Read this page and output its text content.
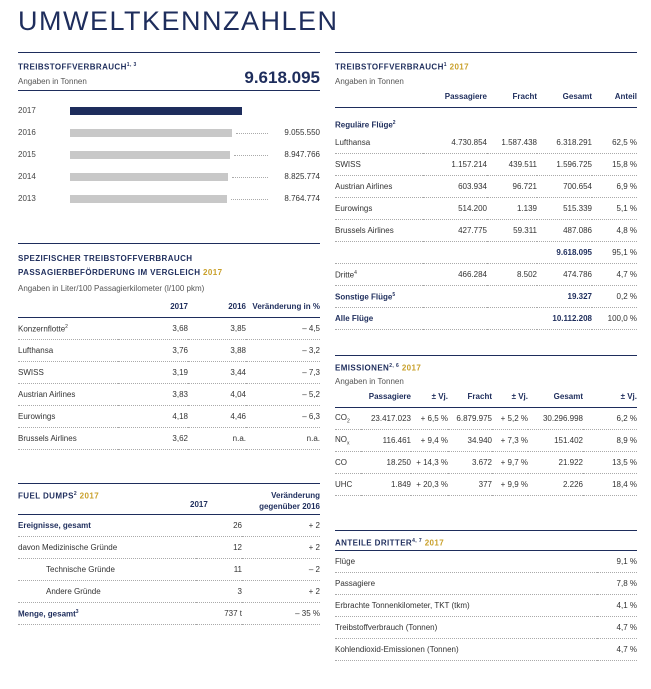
UMWELTKENNZAHLEN
TREIBSTOFFVERBRAUCH$^{1, 3}$
Angaben in Tonnen	9.618.095
2017
2016	9.055.550
2015	8.947.766
2014	8.825.774
2013	8.764.774
SPEZIFISCHER TREIBSTOFFVERBRAUCH
PASSAGIERBEFÖRDERUNG IM VERGLEICH 2017
Angaben in Liter/100 Passagierkilometer (l/100 pkm)
	2017	2016	Veränderung in %
Konzernflotte$^2$	3,68	3,85	– 4,5
Lufthansa	3,76	3,88	– 3,2
SWISS	3,19	3,44	– 7,3
Austrian Airlines	3,83	4,04	– 5,2
Eurowings	4,18	4,46	– 6,3
Brussels Airlines	3,62	n.a.	n.a.
FUEL DUMPS$^2$ 2017
2017
Veränderung
gegenüber 2016
Ereignisse, gesamt	26	+ 2
davon Medizinische Gründe	12	+ 2
Technische Gründe	11	– 2
Andere Gründe	3	+ 2
Menge, gesamt$^3$	737 t	– 35 %
TREIBSTOFFVERBRAUCH$^1$ 2017
Angaben in Tonnen
	Passagiere	Fracht	Gesamt	Anteil
Reguläre Flüge$^2$
Lufthansa	4.730.854	1.587.438	6.318.291	62,5 %
SWISS	1.157.214	439.511	1.596.725	15,8 %
Austrian Airlines	603.934	96.721	700.654	6,9 %
Eurowings	514.200	1.139	515.339	5,1 %
Brussels Airlines	427.775	59.311	487.086	4,8 %
			9.618.095	95,1 %
Dritte$^4$	466.284	8.502	474.786	4,7 %
Sonstige Flüge$^5$			19.327	0,2 %
Alle Flüge			10.112.208	100,0 %
EMISSIONEN$^{2, 6}$ 2017
Angaben in Tonnen
	Passagiere	± Vj.	Fracht	± Vj.	Gesamt	± Vj.
$CO_2$	23.417.023	+ 6,5 %	6.879.975	+ 5,2 %	30.296.998	6,2 %
$NO_x$	116.461	+ 9,4 %	34.940	+ 7,3 %	151.402	8,9 %
CO	18.250	+ 14,3 %	3.672	+ 9,7 %	21.922	13,5 %
UHC	1.849	+ 20,3 %	377	+ 9,9 %	2.226	18,4 %
ANTEILE DRITTER$^{4, 7}$ 2017
Flüge	9,1 %
Passagiere	7,8 %
Erbrachte Tonnenkilometer, TKT (tkm)	4,1 %
Treibstoffverbrauch (Tonnen)	4,7 %
Kohlendioxid-Emissionen (Tonnen)	4,7 %
